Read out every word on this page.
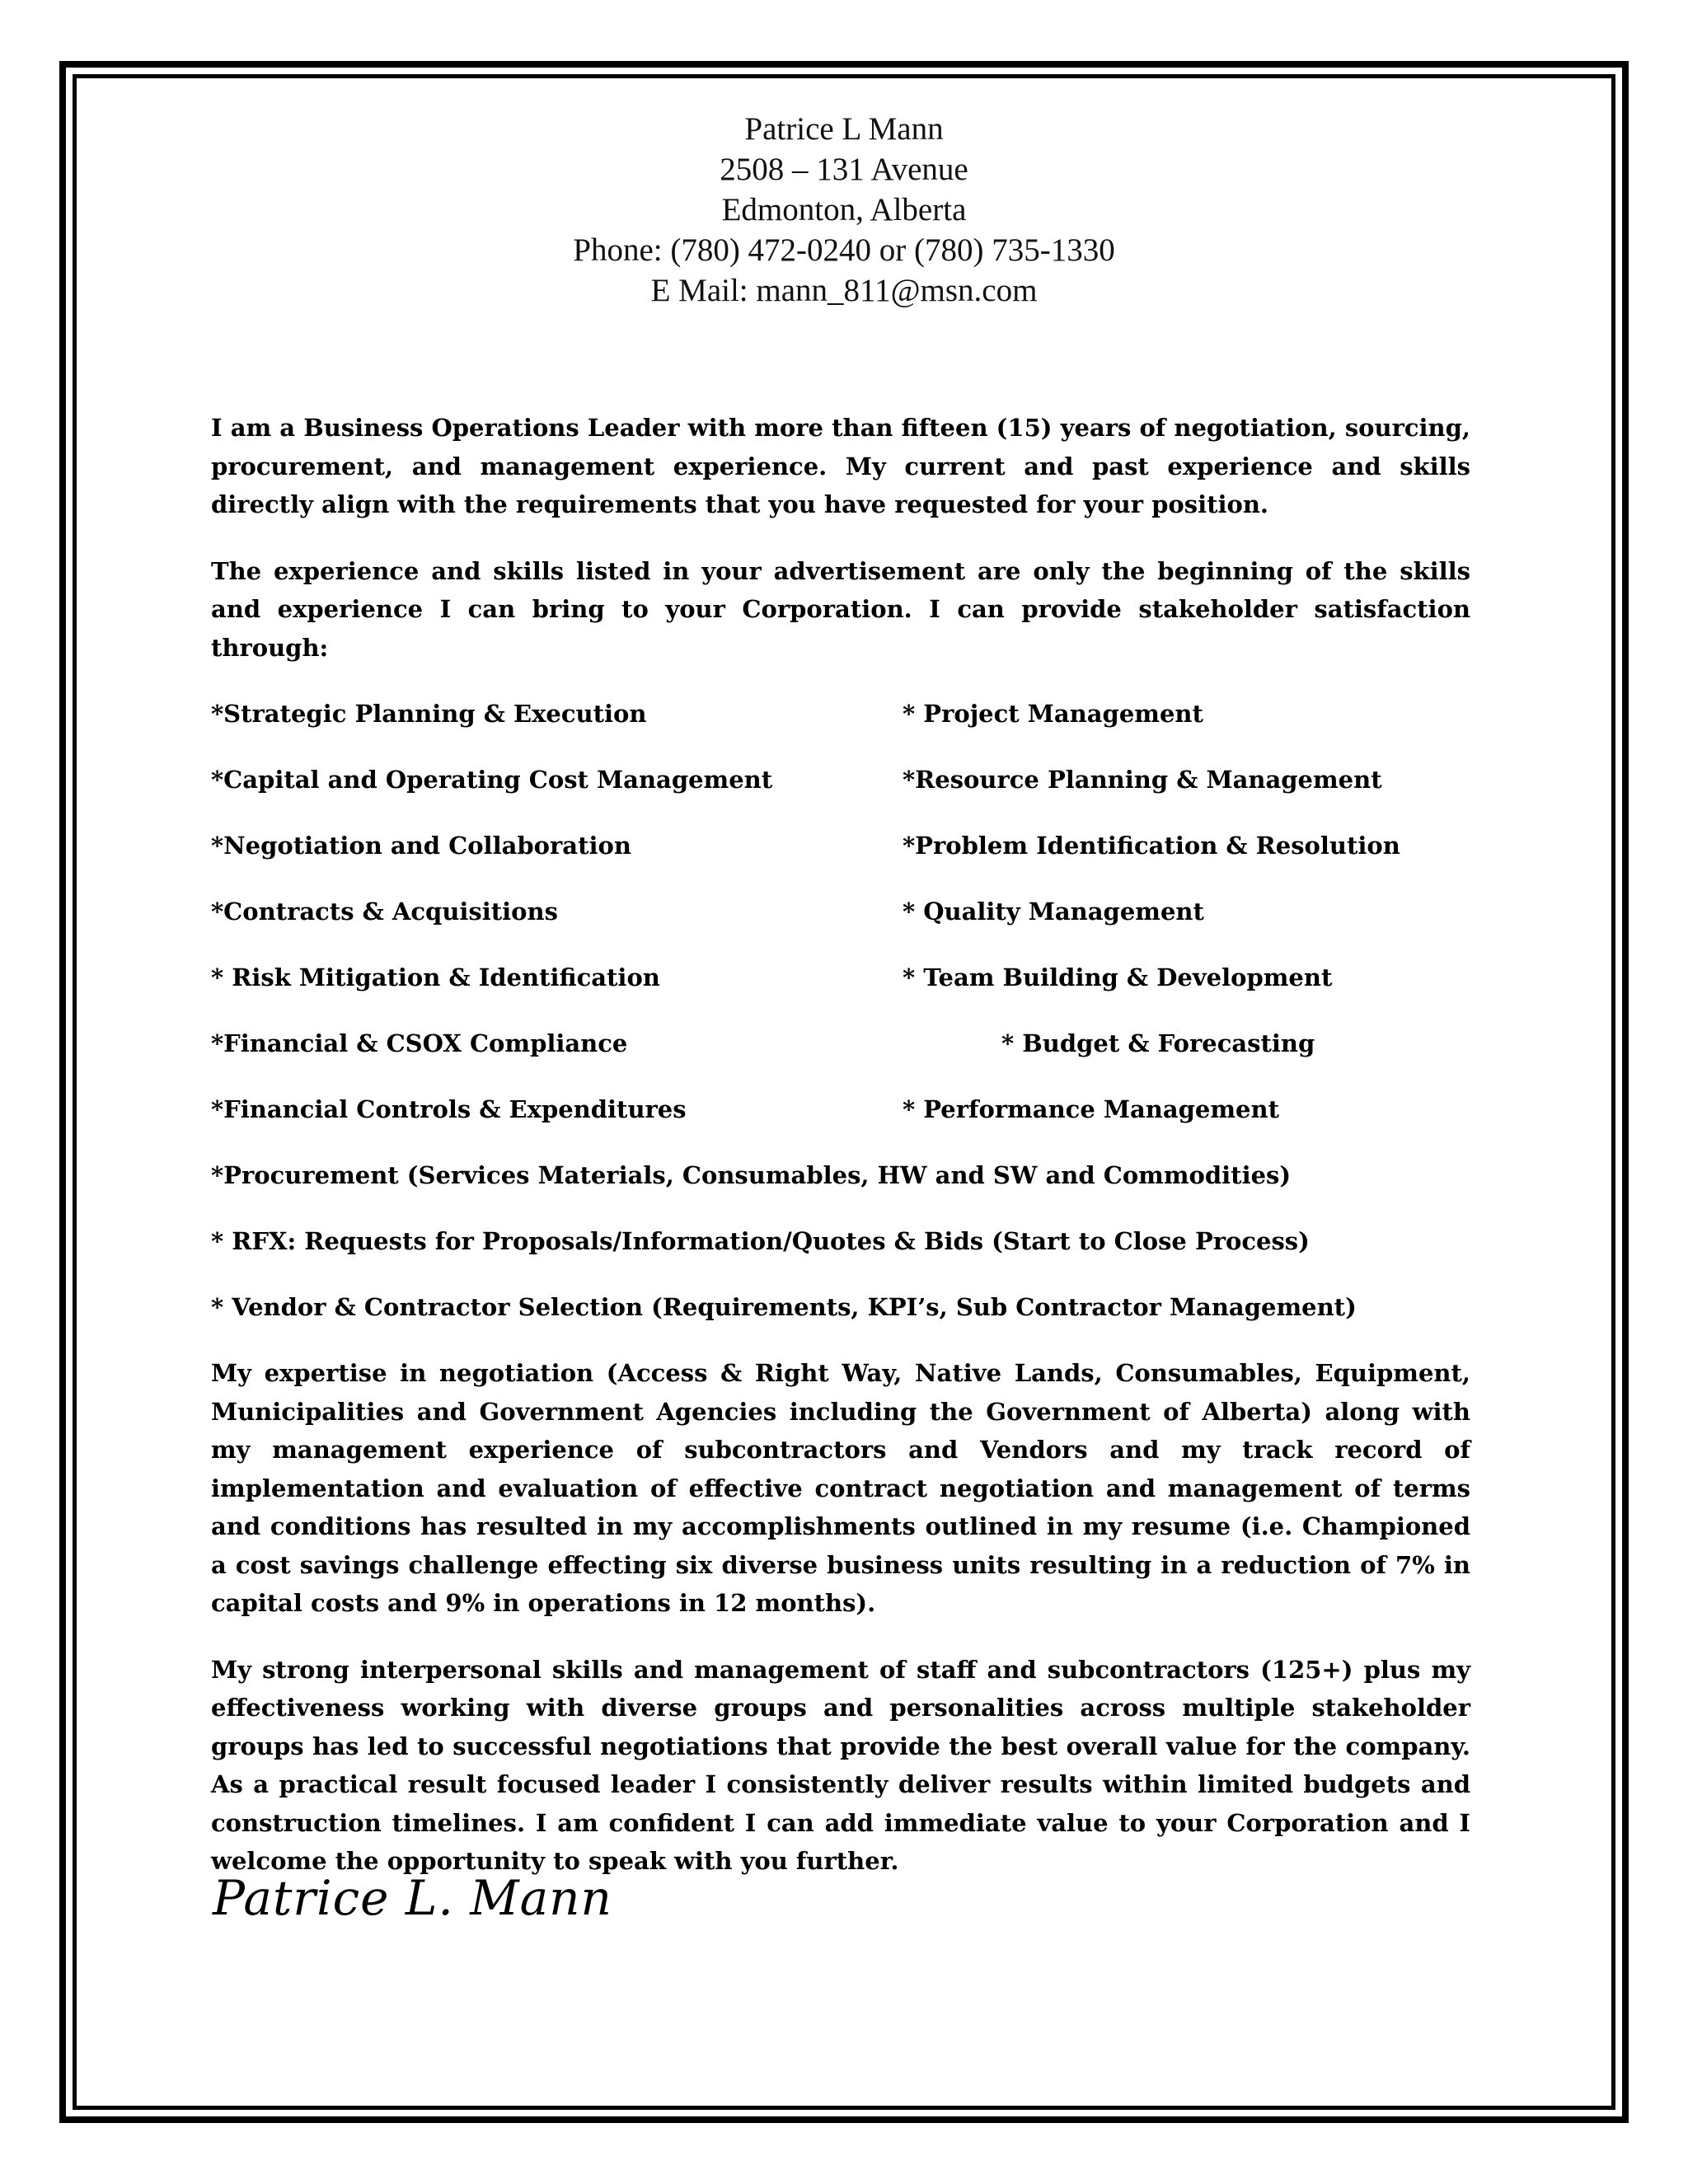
Patrice L Mann
2508 – 131 Avenue
Edmonton, Alberta
Phone: (780) 472-0240 or (780) 735-1330
E Mail: mann_811@msn.com

I am a Business Operations Leader with more than fifteen (15) years of negotiation, sourcing, procurement, and management experience. My current and past experience and skills directly align with the requirements that you have requested for your position.

The experience and skills listed in your advertisement are only the beginning of the skills and experience I can bring to your Corporation. I can provide stakeholder satisfaction through:

*Strategic Planning & Execution	* Project Management
*Capital and Operating Cost Management	*Resource Planning & Management
*Negotiation and Collaboration	*Problem Identification & Resolution
*Contracts & Acquisitions	* Quality Management
* Risk Mitigation & Identification	* Team Building & Development
*Financial & CSOX Compliance	* Budget & Forecasting
*Financial Controls & Expenditures	* Performance Management
*Procurement (Services Materials, Consumables, HW and SW and Commodities)
* RFX: Requests for Proposals/Information/Quotes & Bids (Start to Close Process)
* Vendor & Contractor Selection (Requirements, KPI’s, Sub Contractor Management)

My expertise in negotiation (Access & Right Way, Native Lands, Consumables, Equipment, Municipalities and Government Agencies including the Government of Alberta) along with my management experience of subcontractors and Vendors and my track record of implementation and evaluation of effective contract negotiation and management of terms and conditions has resulted in my accomplishments outlined in my resume (i.e. Championed a cost savings challenge effecting six diverse business units resulting in a reduction of 7% in capital costs and 9% in operations in 12 months).

My strong interpersonal skills and management of staff and subcontractors (125+) plus my effectiveness working with diverse groups and personalities across multiple stakeholder groups has led to successful negotiations that provide the best overall value for the company. As a practical result focused leader I consistently deliver results within limited budgets and construction timelines. I am confident I can add immediate value to your Corporation and I welcome the opportunity to speak with you further.

Patrice L. Mann
